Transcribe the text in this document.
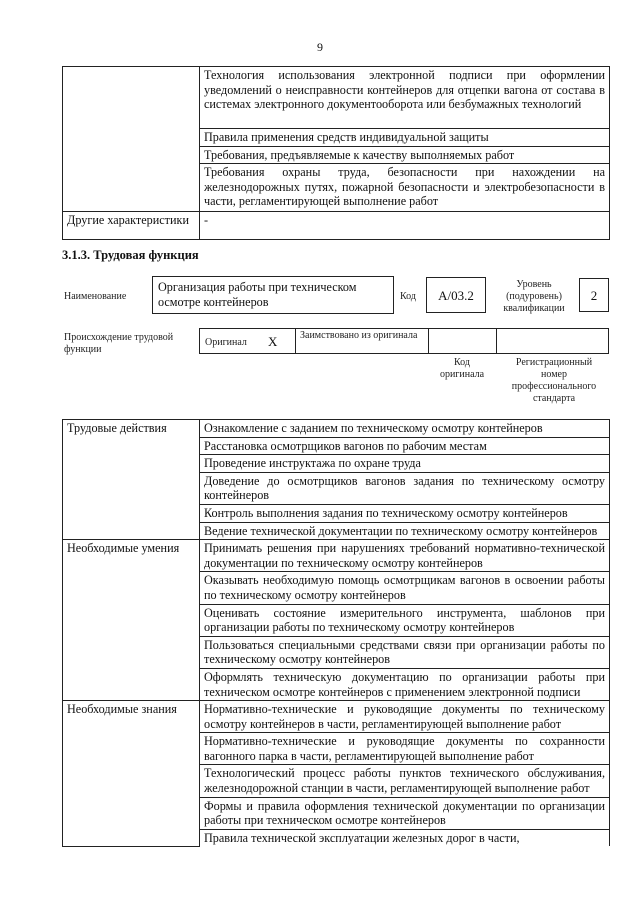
9
	Технология использования электронной подписи при оформлении уведомлений о неисправности контейнеров для отцепки вагона от состава в системах электронного документооборота или безбумажных технологий
	Правила применения средств индивидуальной защиты
	Требования, предъявляемые к качеству выполняемых работ
	Требования охраны труда, безопасности при нахождении на железнодорожных путях, пожарной безопасности и электробезопасности в части, регламентирующей выполнение работ
Другие характеристики	-
3.1.3. Трудовая функция
Наименование
Организация работы при техническом осмотре контейнеров	Код	A/03.2
Уровень (подуровень) квалификации
2
Происхождение трудовой функции
Оригинал X Заимствовано из оригинала
Код оригинала
Регистрационный номер профессионального стандарта
Трудовые действия	Ознакомление с заданием по техническому осмотру контейнеров
	Расстановка осмотрщиков вагонов по рабочим местам
	Проведение инструктажа по охране труда
	Доведение до осмотрщиков вагонов задания по техническому осмотру контейнеров
	Контроль выполнения задания по техническому осмотру контейнеров
	Ведение технической документации по техническому осмотру контейнеров
Необходимые умения	Принимать решения при нарушениях требований нормативно-технической документации по техническому осмотру контейнеров
	Оказывать необходимую помощь осмотрщикам вагонов в освоении работы по техническому осмотру контейнеров
	Оценивать состояние измерительного инструмента, шаблонов при организации работы по техническому осмотру контейнеров
	Пользоваться специальными средствами связи при организации работы по техническому осмотру контейнеров
	Оформлять техническую документацию по организации работы при техническом осмотре контейнеров с применением электронной подписи
Необходимые знания	Нормативно-технические и руководящие документы по техническому осмотру контейнеров в части, регламентирующей выполнение работ
	Нормативно-технические и руководящие документы по сохранности вагонного парка в части, регламентирующей выполнение работ
	Технологический процесс работы пунктов технического обслуживания, железнодорожной станции в части, регламентирующей выполнение работ
	Формы и правила оформления технической документации по организации работы при техническом осмотре контейнеров
	Правила технической эксплуатации железных дорог в части,
